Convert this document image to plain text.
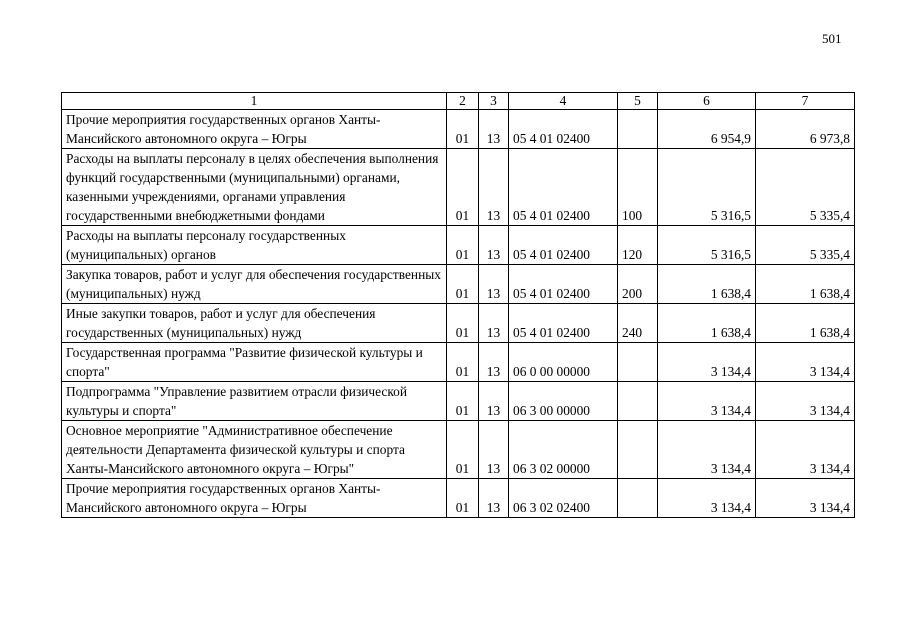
501
1	2	3	4	5	6	7
Прочие мероприятия государственных органов Ханты-Мансийского автономного округа – Югры	01	13	05 4 01 02400		6 954,9	6 973,8
Расходы на выплаты персоналу в целях обеспечения выполнения функций государственными (муниципальными) органами, казенными учреждениями, органами управления государственными внебюджетными фондами	01	13	05 4 01 02400	100	5 316,5	5 335,4
Расходы на выплаты персоналу государственных (муниципальных) органов	01	13	05 4 01 02400	120	5 316,5	5 335,4
Закупка товаров, работ и услуг для обеспечения государственных (муниципальных) нужд	01	13	05 4 01 02400	200	1 638,4	1 638,4
Иные закупки товаров, работ и услуг для обеспечения государственных (муниципальных) нужд	01	13	05 4 01 02400	240	1 638,4	1 638,4
Государственная программа "Развитие физической культуры и спорта"	01	13	06 0 00 00000		3 134,4	3 134,4
Подпрограмма "Управление развитием отрасли физической культуры и спорта"	01	13	06 3 00 00000		3 134,4	3 134,4
Основное мероприятие "Административное обеспечение деятельности Департамента физической культуры и спорта Ханты-Мансийского автономного округа – Югры"	01	13	06 3 02 00000		3 134,4	3 134,4
Прочие мероприятия государственных органов Ханты-Мансийского автономного округа – Югры	01	13	06 3 02 02400		3 134,4	3 134,4
